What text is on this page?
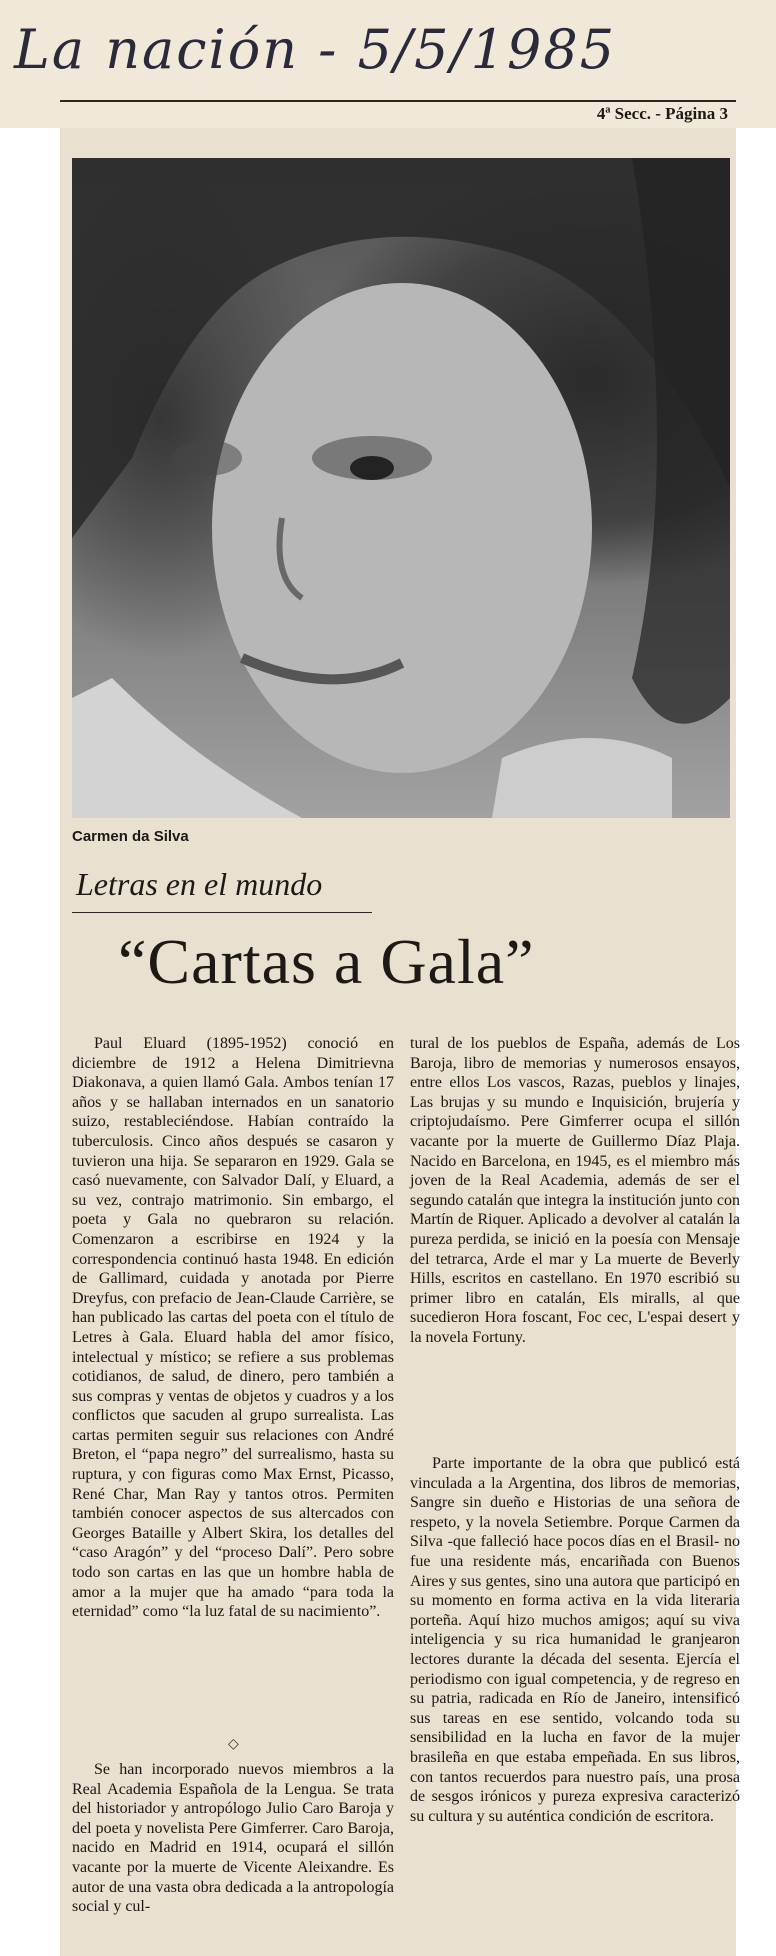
La nación - 5/5/1985
4ª Secc. - Página 3
Carmen da Silva
Letras en el mundo
“Cartas a Gala”

Paul Eluard (1895-1952) conoció en diciembre de 1912 a Helena Dimitrievna Diakonava, a quien llamó Gala. Ambos tenían 17 años y se hallaban internados en un sanatorio suizo, restableciéndose. Habían contraído la tuberculosis. Cinco años después se casaron y tuvieron una hija. Se separaron en 1929. Gala se casó nuevamente, con Salvador Dalí, y Eluard, a su vez, contrajo matrimonio. Sin embargo, el poeta y Gala no quebraron su relación. Comenzaron a escribirse en 1924 y la correspondencia continuó hasta 1948. En edición de Gallimard, cuidada y anotada por Pierre Dreyfus, con prefacio de Jean-Claude Carrière, se han publicado las cartas del poeta con el título de Letres à Gala. Eluard habla del amor físico, intelectual y místico; se refiere a sus problemas cotidianos, de salud, de dinero, pero también a sus compras y ventas de objetos y cuadros y a los conflictos que sacuden al grupo surrealista. Las cartas permiten seguir sus relaciones con André Breton, el “papa negro” del surrealismo, hasta su ruptura, y con figuras como Max Ernst, Picasso, René Char, Man Ray y tantos otros. Permiten también conocer aspectos de sus altercados con Georges Bataille y Albert Skira, los detalles del “caso Aragón” y del “proceso Dalí”. Pero sobre todo son cartas en las que un hombre habla de amor a la mujer que ha amado “para toda la eternidad” como “la luz fatal de su nacimiento”.

◇

Se han incorporado nuevos miembros a la Real Academia Española de la Lengua. Se trata del historiador y antropólogo Julio Caro Baroja y del poeta y novelista Pere Gimferrer. Caro Baroja, nacido en Madrid en 1914, ocupará el sillón vacante por la muerte de Vicente Aleixandre. Es autor de una vasta obra dedicada a la antropología social y cul-

tural de los pueblos de España, además de Los Baroja, libro de memorias y numerosos ensayos, entre ellos Los vascos, Razas, pueblos y linajes, Las brujas y su mundo e Inquisición, brujería y criptojudaísmo. Pere Gimferrer ocupa el sillón vacante por la muerte de Guillermo Díaz Plaja. Nacido en Barcelona, en 1945, es el miembro más joven de la Real Academia, además de ser el segundo catalán que integra la institución junto con Martín de Riquer. Aplicado a devolver al catalán la pureza perdida, se inició en la poesía con Mensaje del tetrarca, Arde el mar y La muerte de Beverly Hills, escritos en castellano. En 1970 escribió su primer libro en catalán, Els miralls, al que sucedieron Hora foscant, Foc cec, L'espai desert y la novela Fortuny.

Parte importante de la obra que publicó está vinculada a la Argentina, dos libros de memorias, Sangre sin dueño e Historias de una señora de respeto, y la novela Setiembre. Porque Carmen da Silva -que falleció hace pocos días en el Brasil- no fue una residente más, encariñada con Buenos Aires y sus gentes, sino una autora que participó en su momento en forma activa en la vida literaria porteña. Aquí hizo muchos amigos; aquí su viva inteligencia y su rica humanidad le granjearon lectores durante la década del sesenta. Ejercía el periodismo con igual competencia, y de regreso en su patria, radicada en Río de Janeiro, intensificó sus tareas en ese sentido, volcando toda su sensibilidad en la lucha en favor de la mujer brasileña en que estaba empeñada. En sus libros, con tantos recuerdos para nuestro país, una prosa de sesgos irónicos y pureza expresiva caracterizó su cultura y su auténtica condición de escritora.
